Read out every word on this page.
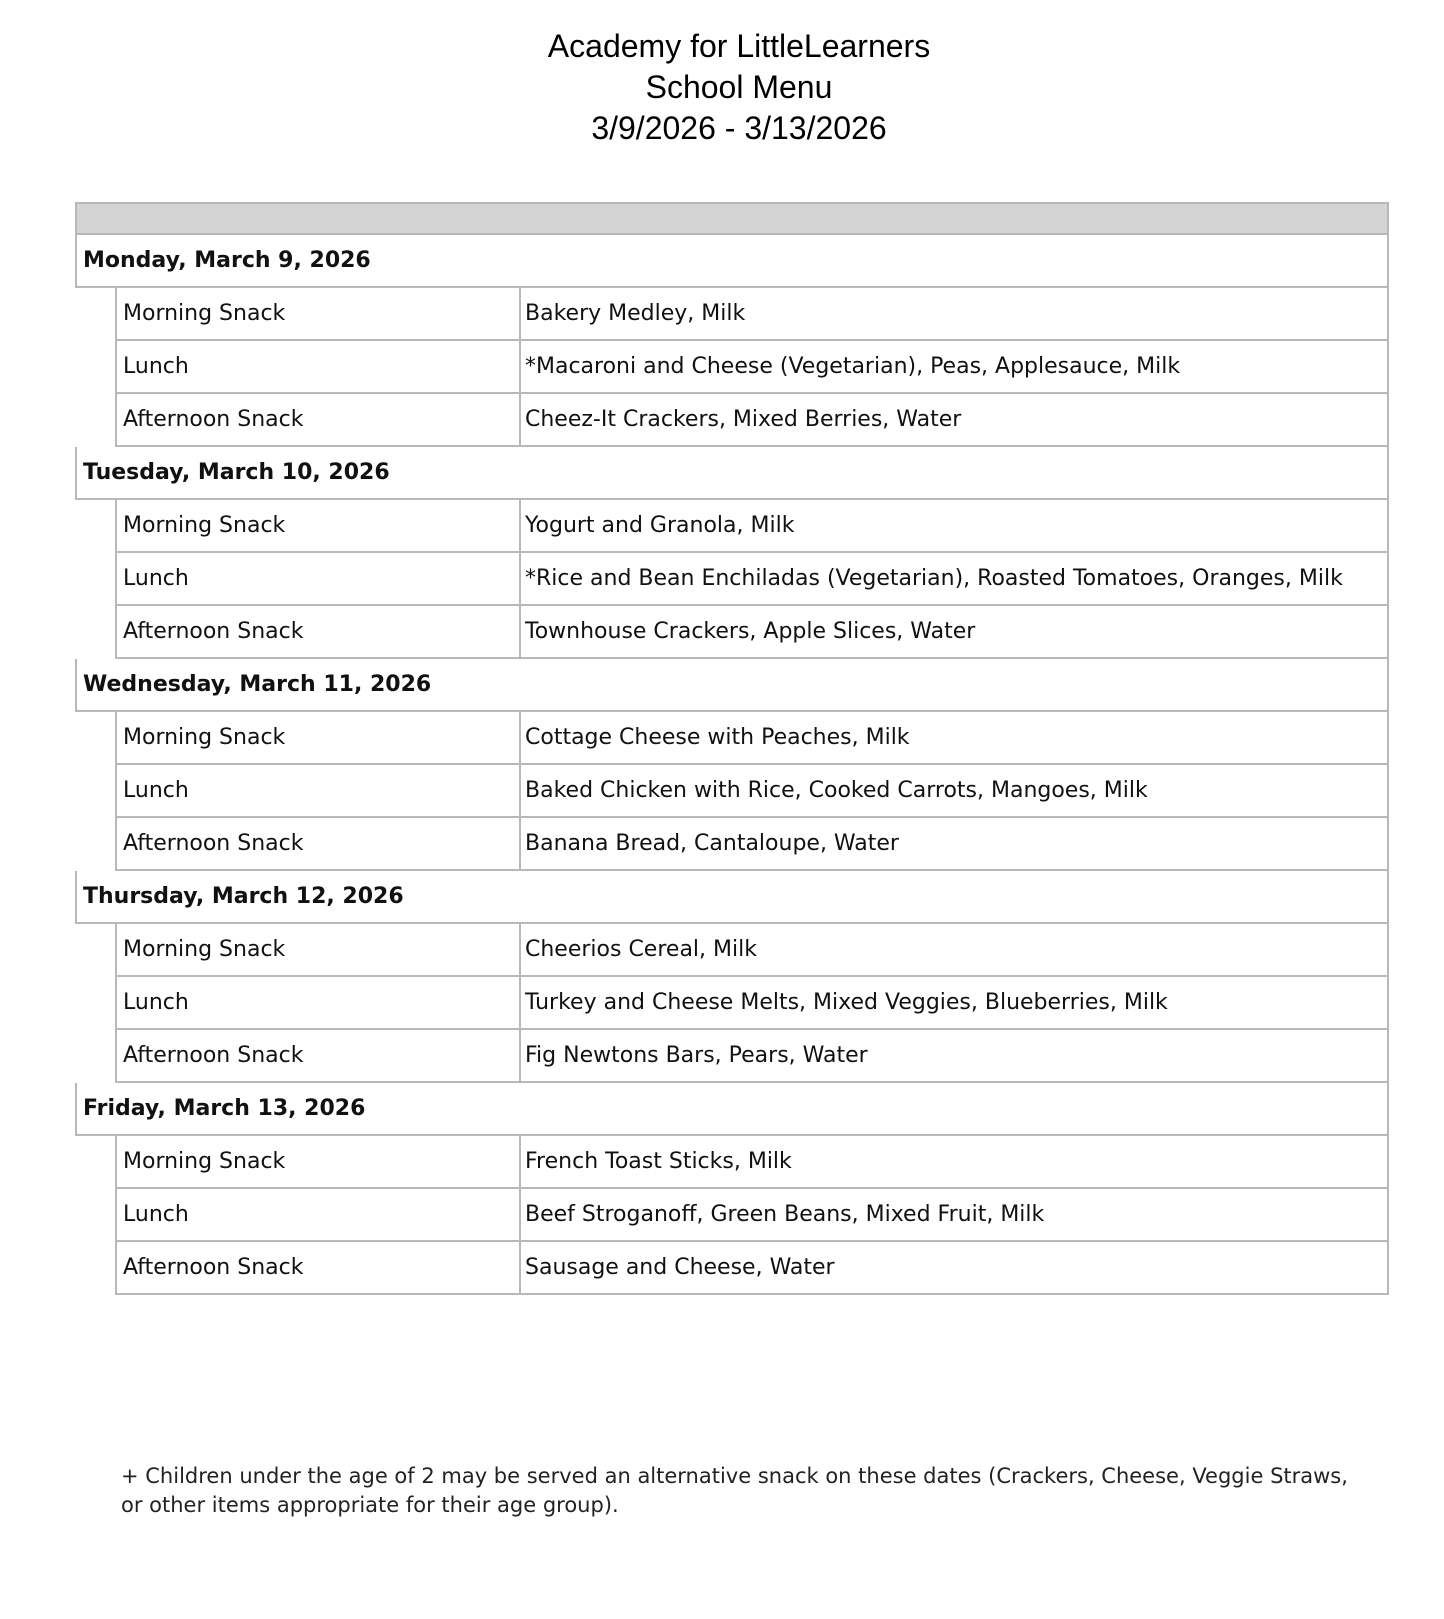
Academy for LittleLearners
School Menu
3/9/2026 - 3/13/2026
Monday, March 9, 2026
Morning Snack	Bakery Medley, Milk
Lunch	*Macaroni and Cheese (Vegetarian), Peas, Applesauce, Milk
Afternoon Snack	Cheez-It Crackers, Mixed Berries, Water
Tuesday, March 10, 2026
Morning Snack	Yogurt and Granola, Milk
Lunch	*Rice and Bean Enchiladas (Vegetarian), Roasted Tomatoes, Oranges, Milk
Afternoon Snack	Townhouse Crackers, Apple Slices, Water
Wednesday, March 11, 2026
Morning Snack	Cottage Cheese with Peaches, Milk
Lunch	Baked Chicken with Rice, Cooked Carrots, Mangoes, Milk
Afternoon Snack	Banana Bread, Cantaloupe, Water
Thursday, March 12, 2026
Morning Snack	Cheerios Cereal, Milk
Lunch	Turkey and Cheese Melts, Mixed Veggies, Blueberries, Milk
Afternoon Snack	Fig Newtons Bars, Pears, Water
Friday, March 13, 2026
Morning Snack	French Toast Sticks, Milk
Lunch	Beef Stroganoff, Green Beans, Mixed Fruit, Milk
Afternoon Snack	Sausage and Cheese, Water
+ Children under the age of 2 may be served an alternative snack on these dates (Crackers, Cheese, Veggie Straws, or other items appropriate for their age group).
